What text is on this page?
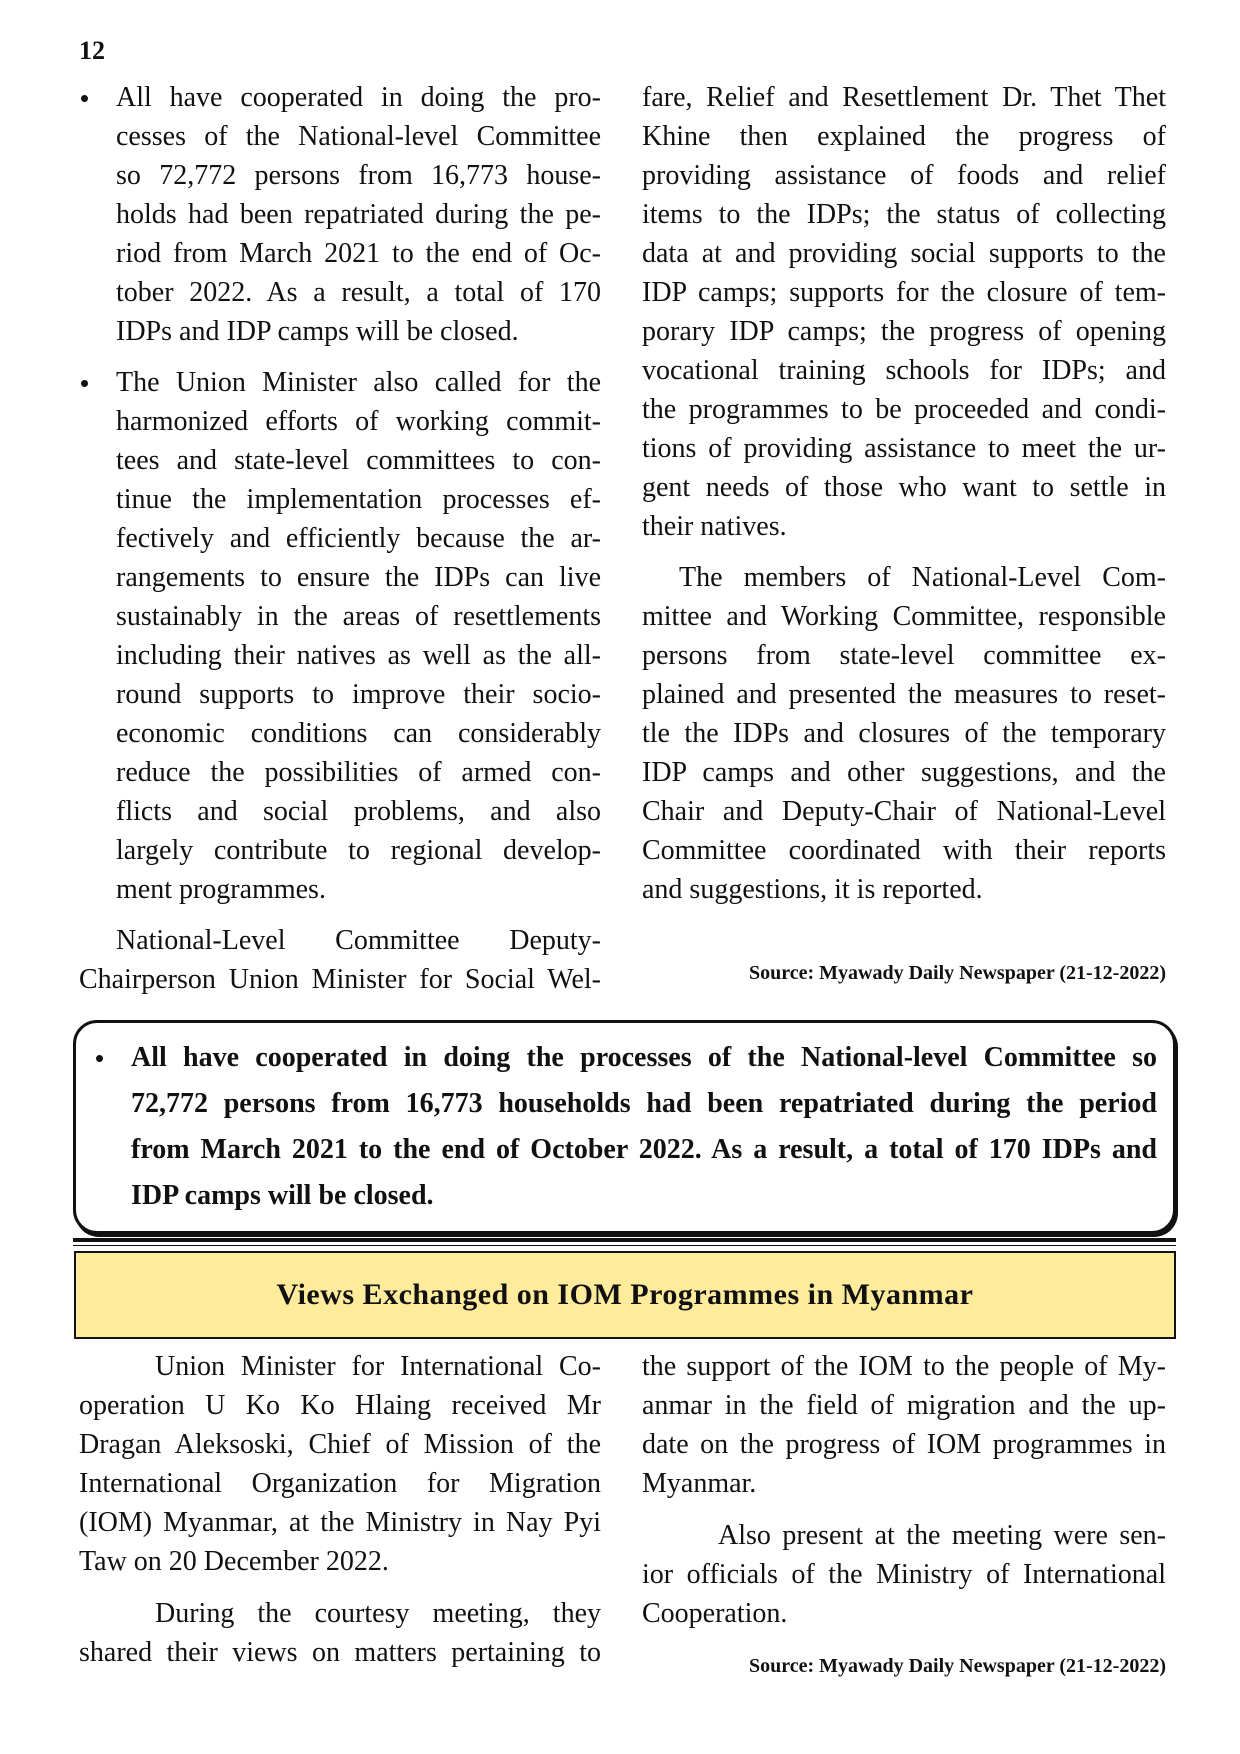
12
All have cooperated in doing the pro-
cesses of the National-level Committee
so 72,772 persons from 16,773 house-
holds had been repatriated during the pe-
riod from March 2021 to the end of Oc-
tober 2022. As a result, a total of 170
IDPs and IDP camps will be closed.
The Union Minister also called for the
harmonized efforts of working commit-
tees and state-level committees to con-
tinue the implementation processes ef-
fectively and efficiently because the ar-
rangements to ensure the IDPs can live
sustainably in the areas of resettlements
including their natives as well as the all-
round supports to improve their socio-
economic conditions can considerably
reduce the possibilities of armed con-
flicts and social problems, and also
largely contribute to regional develop-
ment programmes.
National-Level Committee Deputy-
Chairperson Union Minister for Social Wel-
fare, Relief and Resettlement Dr. Thet Thet
Khine then explained the progress of
providing assistance of foods and relief
items to the IDPs; the status of collecting
data at and providing social supports to the
IDP camps; supports for the closure of tem-
porary IDP camps; the progress of opening
vocational training schools for IDPs; and
the programmes to be proceeded and condi-
tions of providing assistance to meet the ur-
gent needs of those who want to settle in
their natives.
The members of National-Level Com-
mittee and Working Committee, responsible
persons from state-level committee ex-
plained and presented the measures to reset-
tle the IDPs and closures of the temporary
IDP camps and other suggestions, and the
Chair and Deputy-Chair of National-Level
Committee coordinated with their reports
and suggestions, it is reported.
Source: Myawady Daily Newspaper (21-12-2022)
All have cooperated in doing the processes of the National-level Committee so
72,772 persons from 16,773 households had been repatriated during the period
from March 2021 to the end of October 2022. As a result, a total of 170 IDPs and
IDP camps will be closed.
Views Exchanged on IOM Programmes in Myanmar
Union Minister for International Co-
operation U Ko Ko Hlaing received Mr
Dragan Aleksoski, Chief of Mission of the
International Organization for Migration
(IOM) Myanmar, at the Ministry in Nay Pyi
Taw on 20 December 2022.
During the courtesy meeting, they
shared their views on matters pertaining to
the support of the IOM to the people of My-
anmar in the field of migration and the up-
date on the progress of IOM programmes in
Myanmar.
Also present at the meeting were sen-
ior officials of the Ministry of International
Cooperation.
Source: Myawady Daily Newspaper (21-12-2022)
